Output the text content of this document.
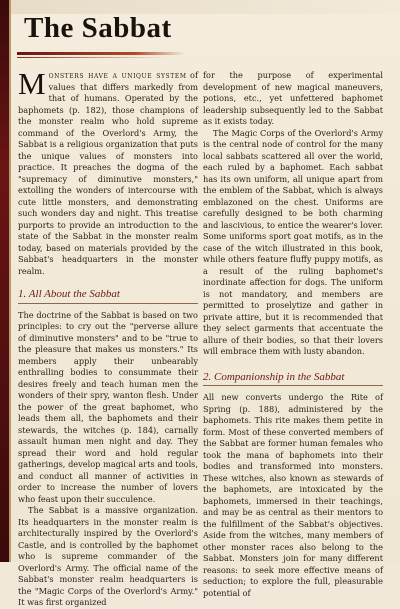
The Sabbat

Monsters have a unique system of values that differs markedly from that of humans. Operated by the baphomets (p. 182), those champions of the monster realm who hold supreme command of the Overlord's Army, the Sabbat is a religious organization that puts the unique values of monsters into practice. It preaches the dogma of the "supremacy of diminutive monsters," extolling the wonders of intercourse with cute little monsters, and demonstrating such wonders day and night. This treatise purports to provide an introduction to the state of the Sabbat in the monster realm today, based on materials provided by the Sabbat's headquarters in the monster realm.

1. All About the Sabbat

The doctrine of the Sabbat is based on two principles: to cry out the "perverse allure of diminutive monsters" and to be "true to the pleasure that makes us monsters." Its members apply their unbearably enthralling bodies to consummate their desires freely and teach human men the wonders of their spry, wanton flesh. Under the power of the great baphomet, who leads them all, the baphomets and their stewards, the witches (p. 184), carnally assault human men night and day. They spread their word and hold regular gatherings, develop magical arts and tools, and conduct all manner of activities in order to increase the number of lovers who feast upon their succulence.

The Sabbat is a massive organization. Its headquarters in the monster realm is architecturally inspired by the Overlord's Castle, and is controlled by the baphomet who is supreme commander of the Overlord's Army. The official name of the Sabbat's monster realm headquarters is the "Magic Corps of the Overlord's Army." It was first organized

for the purpose of experimental development of new magical maneuvers, potions, etc., yet unfettered baphomet leadership subsequently led to the Sabbat as it exists today.

The Magic Corps of the Overlord's Army is the central node of control for the many local sabbats scattered all over the world, each ruled by a baphomet. Each sabbat has its own uniform, all unique apart from the emblem of the Sabbat, which is always emblazoned on the chest. Uniforms are carefully designed to be both charming and lascivious, to entice the wearer's lover. Some uniforms sport goat motifs, as in the case of the witch illustrated in this book, while others feature fluffy puppy motifs, as a result of the ruling baphomet's inordinate affection for dogs. The uniform is not mandatory, and members are permitted to proselytize and gather in private attire, but it is recommended that they select garments that accentuate the allure of their bodies, so that their lovers will embrace them with lusty abandon.

2. Companionship in the Sabbat

All new converts undergo the Rite of Spring (p. 188), administered by the baphomets. This rite makes them petite in form. Most of these converted members of the Sabbat are former human females who took the mana of baphomets into their bodies and transformed into monsters. These witches, also known as stewards of the baphomets, are intoxicated by the baphomets, immersed in their teachings, and may be as central as their mentors to the fulfillment of the Sabbat's objectives. Aside from the witches, many members of other monster races also belong to the Sabbat. Monsters join for many different reasons: to seek more effective means of seduction; to explore the full, pleasurable potential of
